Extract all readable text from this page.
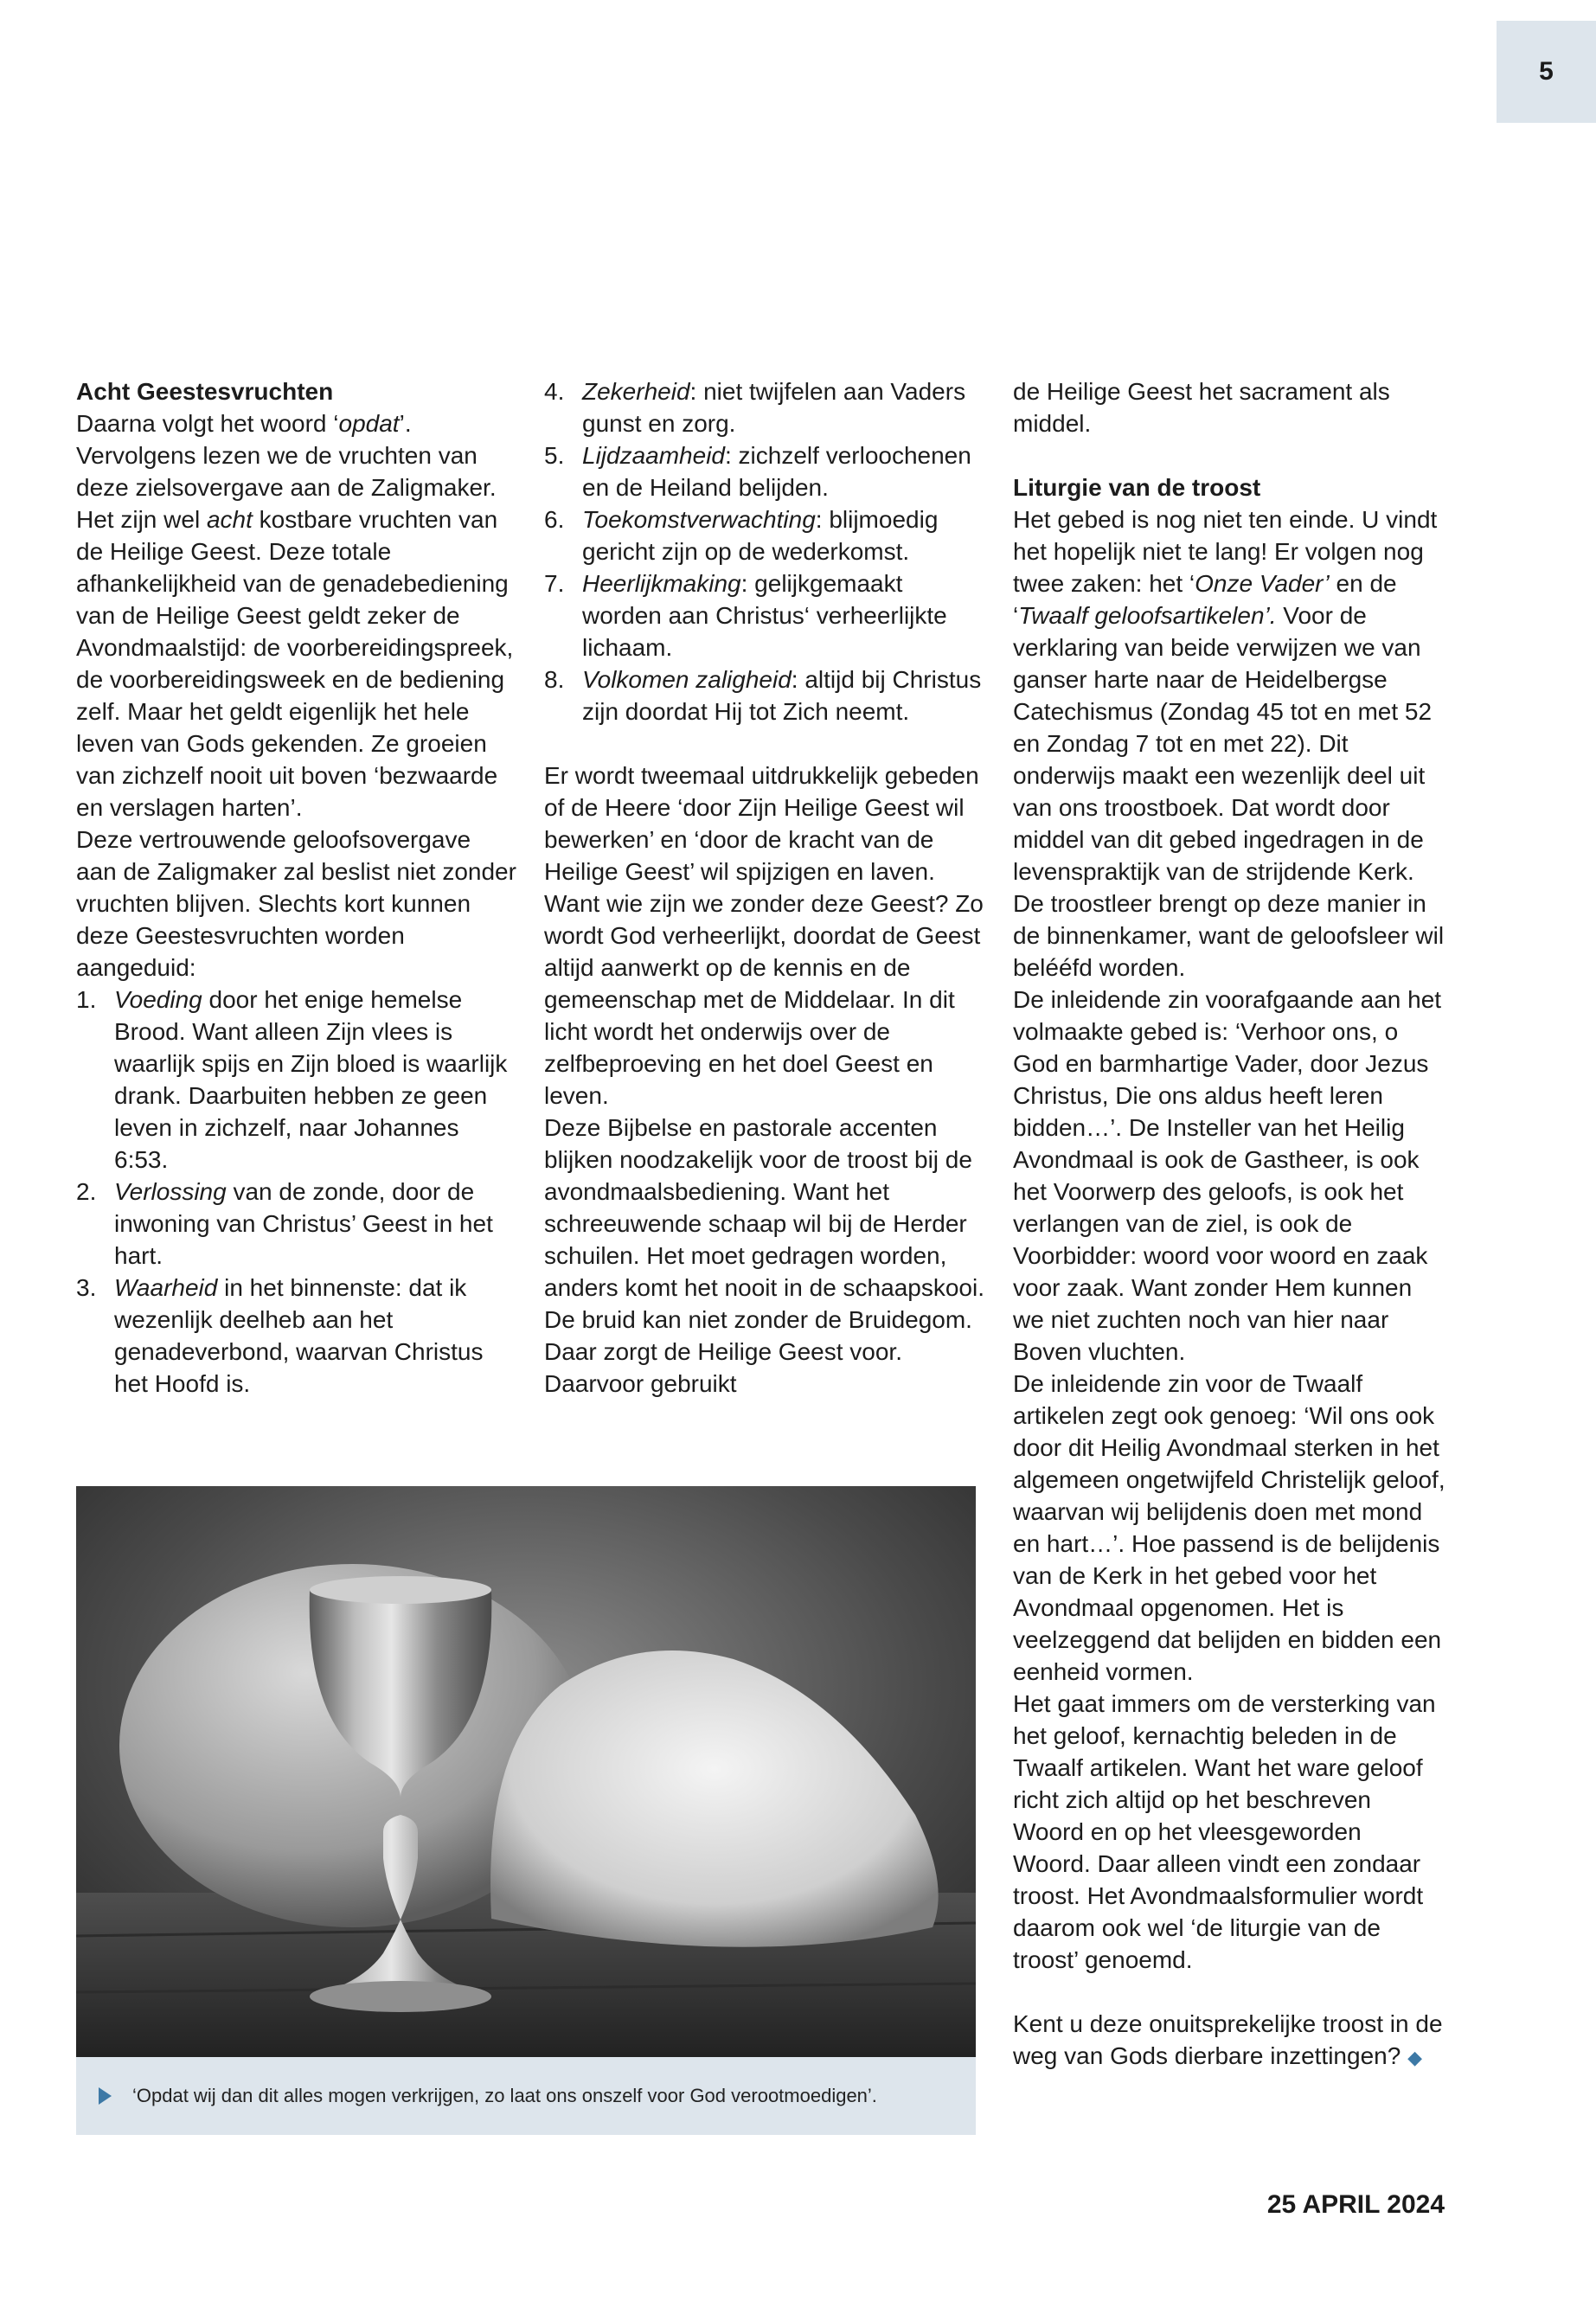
5
Acht Geestesvruchten

Daarna volgt het woord ‘opdat’. Vervolgens lezen we de vruchten van deze zielsovergave aan de Zaligmaker. Het zijn wel acht kostbare vruchten van de Heilige Geest. Deze totale afhankelijkheid van de genadebediening van de Heilige Geest geldt zeker de Avondmaalstijd: de voorbereidingspreek, de voorbereidingsweek en de bediening zelf. Maar het geldt eigenlijk het hele leven van Gods gekenden. Ze groeien van zichzelf nooit uit boven ‘bezwaarde en verslagen harten’.

Deze vertrouwende geloofsovergave aan de Zaligmaker zal beslist niet zonder vruchten blijven. Slechts kort kunnen deze Geestesvruchten worden aangeduid:

1. Voeding door het enige hemelse Brood. Want alleen Zijn vlees is waarlijk spijs en Zijn bloed is waarlijk drank. Daarbuiten hebben ze geen leven in zichzelf, naar Johannes 6:53.
2. Verlossing van de zonde, door de inwoning van Christus’ Geest in het hart.
3. Waarheid in het binnenste: dat ik wezenlijk deelheb aan het genadeverbond, waarvan Christus het Hoofd is.
4. Zekerheid: niet twijfelen aan Vaders gunst en zorg.
5. Lijdzaamheid: zichzelf verloochenen en de Heiland belijden.
6. Toekomstverwachting: blijmoedig gericht zijn op de wederkomst.
7. Heerlijkmaking: gelijkgemaakt worden aan Christus‘ verheerlijkte lichaam.
8. Volkomen zaligheid: altijd bij Christus zijn doordat Hij tot Zich neemt.

Er wordt tweemaal uitdrukkelijk gebeden of de Heere ‘door Zijn Heilige Geest wil bewerken’ en ‘door de kracht van de Heilige Geest’ wil spijzigen en laven. Want wie zijn we zonder deze Geest? Zo wordt God verheerlijkt, doordat de Geest altijd aanwerkt op de kennis en de gemeenschap met de Middelaar. In dit licht wordt het onderwijs over de zelfbeproeving en het doel Geest en leven.

Deze Bijbelse en pastorale accenten blijken noodzakelijk voor de troost bij de avondmaalsbediening. Want het schreeuwende schaap wil bij de Herder schuilen. Het moet gedragen worden, anders komt het nooit in de schaapskooi. De bruid kan niet zonder de Bruidegom. Daar zorgt de Heilige Geest voor. Daarvoor gebruikt

de Heilige Geest het sacrament als middel.

Liturgie van de troost

Het gebed is nog niet ten einde. U vindt het hopelijk niet te lang! Er volgen nog twee zaken: het ‘Onze Vader’ en de ‘Twaalf geloofsartikelen’. Voor de verklaring van beide verwijzen we van ganser harte naar de Heidelbergse Catechismus (Zondag 45 tot en met 52 en Zondag 7 tot en met 22). Dit onderwijs maakt een wezenlijk deel uit van ons troostboek. Dat wordt door middel van dit gebed ingedragen in de levenspraktijk van de strijdende Kerk. De troostleer brengt op deze manier in de binnenkamer, want de geloofsleer wil belééfd worden.

De inleidende zin voorafgaande aan het volmaakte gebed is: ‘Verhoor ons, o God en barmhartige Vader, door Jezus Christus, Die ons aldus heeft leren bidden…’. De Insteller van het Heilig Avondmaal is ook de Gastheer, is ook het Voorwerp des geloofs, is ook het verlangen van de ziel, is ook de Voorbidder: woord voor woord en zaak voor zaak. Want zonder Hem kunnen we niet zuchten noch van hier naar Boven vluchten.

De inleidende zin voor de Twaalf artikelen zegt ook genoeg: ‘Wil ons ook door dit Heilig Avondmaal sterken in het algemeen ongetwijfeld Christelijk geloof, waarvan wij belijdenis doen met mond en hart…’. Hoe passend is de belijdenis van de Kerk in het gebed voor het Avondmaal opgenomen. Het is veelzeggend dat belijden en bidden een eenheid vormen.

Het gaat immers om de versterking van het geloof, kernachtig beleden in de Twaalf artikelen. Want het ware geloof richt zich altijd op het beschreven Woord en op het vleesgeworden Woord. Daar alleen vindt een zondaar troost. Het Avondmaalsformulier wordt daarom ook wel ‘de liturgie van de troost’ genoemd.

Kent u deze onuitsprekelijke troost in de weg van Gods dierbare inzettingen? ◆

‘Opdat wij dan dit alles mogen verkrijgen, zo laat ons onszelf voor God verootmoedigen’.
25 APRIL 2024
